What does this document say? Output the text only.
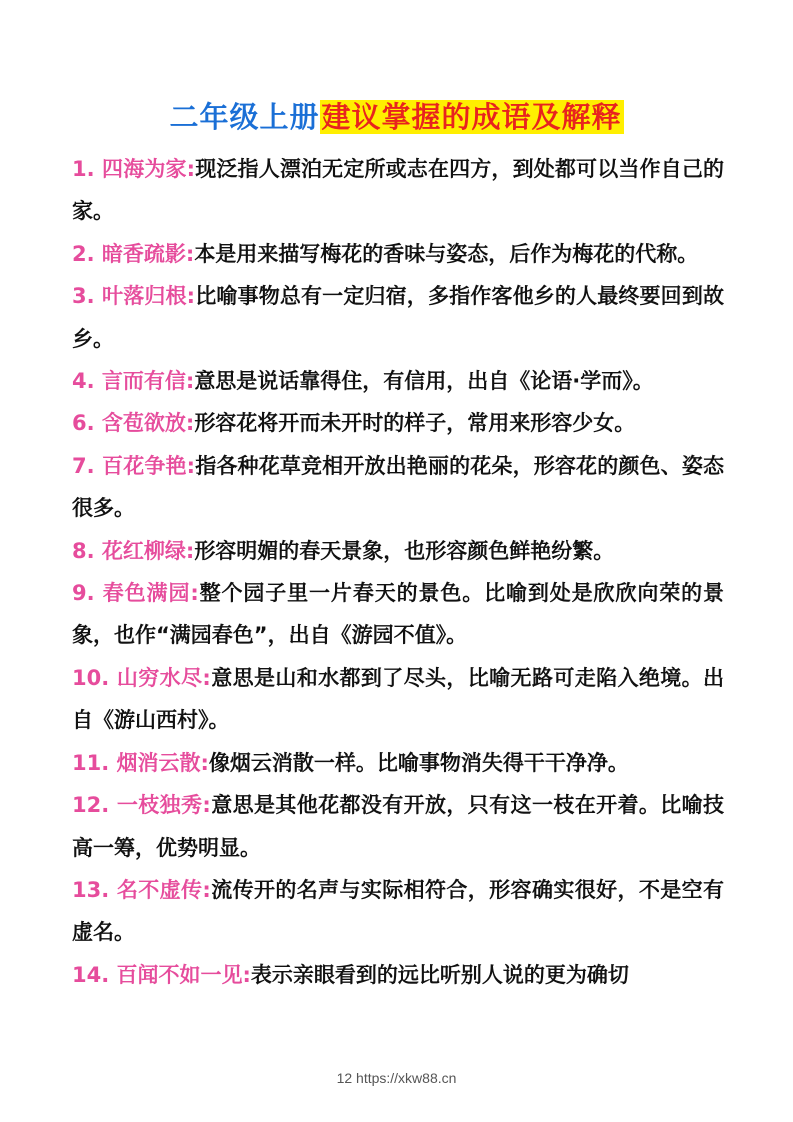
二年级上册建议掌握的成语及解释
1. 四海为家:现泛指人漂泊无定所或志在四方，到处都可以当作自己的家。
2. 暗香疏影:本是用来描写梅花的香味与姿态，后作为梅花的代称。
3. 叶落归根:比喻事物总有一定归宿，多指作客他乡的人最终要回到故乡。
4. 言而有信:意思是说话靠得住，有信用，出自《论语·学而》。
6. 含苞欲放:形容花将开而未开时的样子，常用来形容少女。
7. 百花争艳:指各种花草竞相开放出艳丽的花朵，形容花的颜色、姿态很多。
8. 花红柳绿:形容明媚的春天景象，也形容颜色鲜艳纷繁。
9. 春色满园:整个园子里一片春天的景色。比喻到处是欣欣向荣的景象，也作“满园春色”，出自《游园不值》。
10. 山穷水尽:意思是山和水都到了尽头，比喻无路可走陷入绝境。出自《游山西村》。
11. 烟消云散:像烟云消散一样。比喻事物消失得干干净净。
12. 一枝独秀:意思是其他花都没有开放，只有这一枝在开着。比喻技高一筹，优势明显。
13. 名不虚传:流传开的名声与实际相符合，形容确实很好，不是空有虚名。
14. 百闻不如一见:表示亲眼看到的远比听别人说的更为确切
12 https://xkw88.cn
